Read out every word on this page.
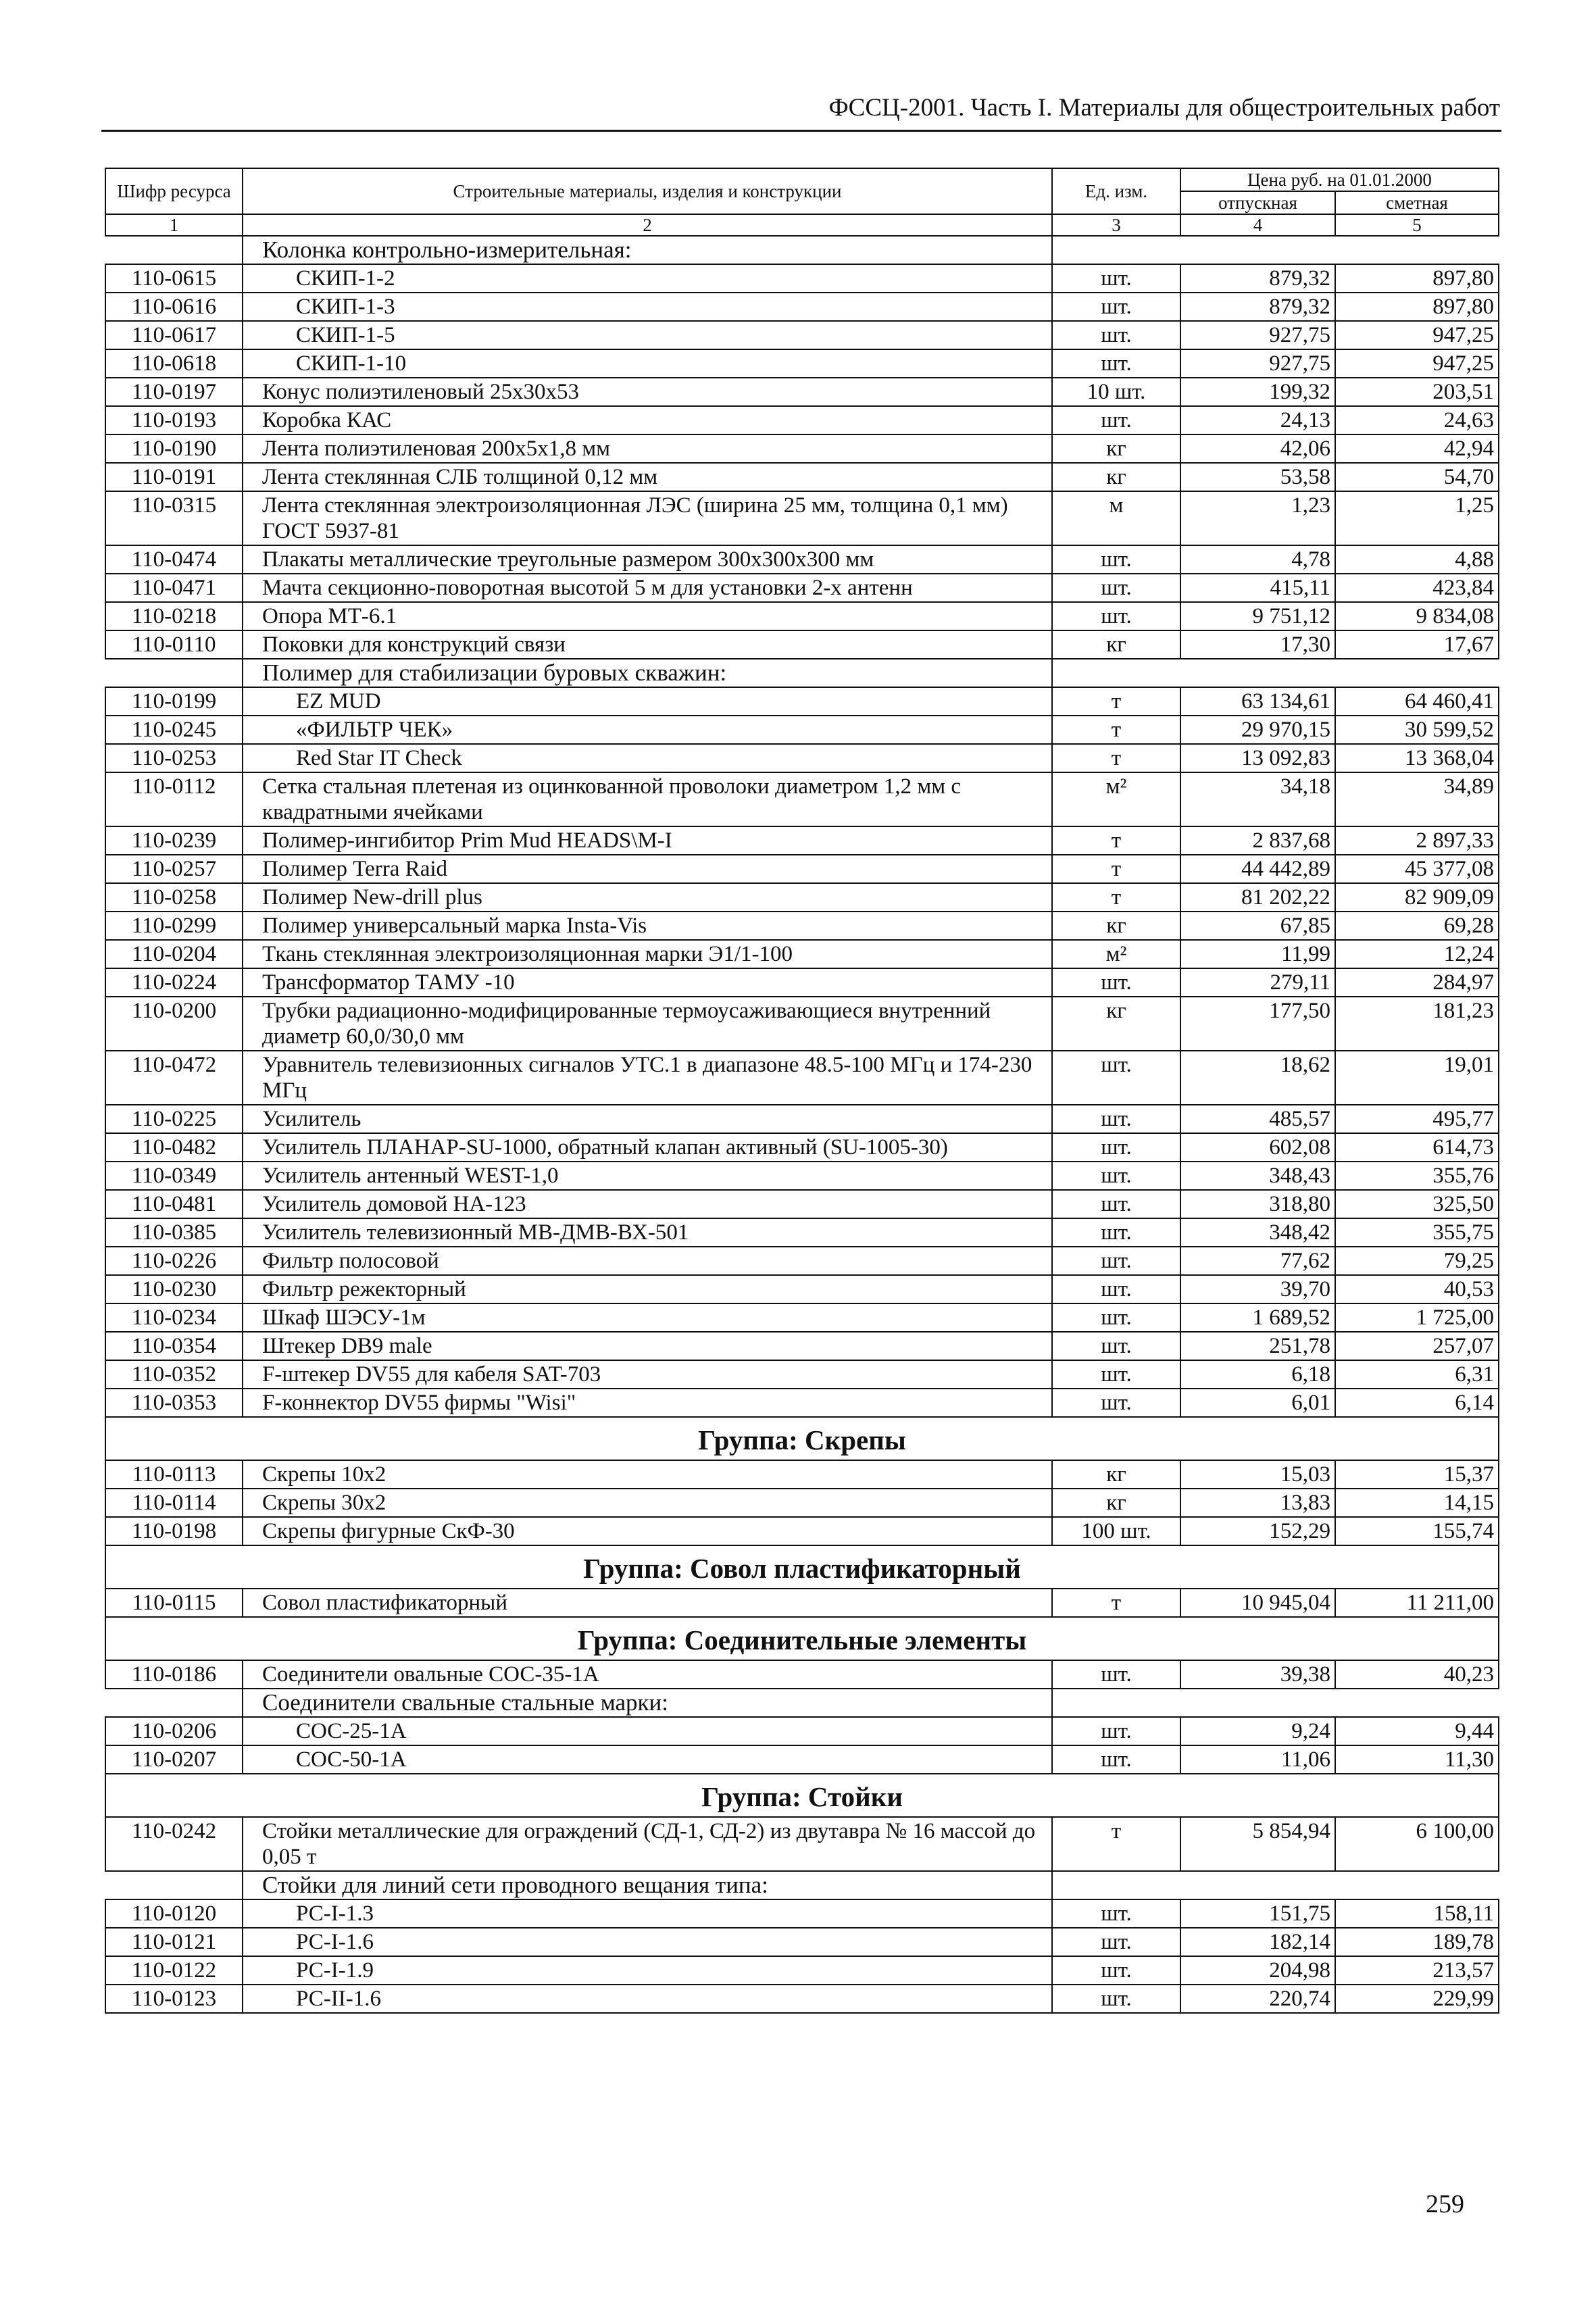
ФССЦ-2001. Часть I. Материалы для общестроительных работ
Шифр ресурса	Строительные материалы, изделия и конструкции	Ед. изм.	Цена руб. на 01.01.2000	
			отпускная	сметная
1	2	3	4	5
	Колонка контрольно-измерительная:			
110-0615	СКИП-1-2	шт.	879,32	897,80
110-0616	СКИП-1-3	шт.	879,32	897,80
110-0617	СКИП-1-5	шт.	927,75	947,25
110-0618	СКИП-1-10	шт.	927,75	947,25
110-0197	Конус полиэтиленовый 25x30x53	10 шт.	199,32	203,51
110-0193	Коробка КАС	шт.	24,13	24,63
110-0190	Лента полиэтиленовая 200x5x1,8 мм	кг	42,06	42,94
110-0191	Лента стеклянная СЛБ толщиной 0,12 мм	кг	53,58	54,70
110-0315	Лента стеклянная электроизоляционная ЛЭС (ширина 25 мм, толщина 0,1 мм) ГОСТ 5937-81	м	1,23	1,25
110-0474	Плакаты металлические треугольные размером 300x300x300 мм	шт.	4,78	4,88
110-0471	Мачта секционно-поворотная высотой 5 м для установки 2-х антенн	шт.	415,11	423,84
110-0218	Опора МТ-6.1	шт.	9 751,12	9 834,08
110-0110	Поковки для конструкций связи	кг	17,30	17,67
	Полимер для стабилизации буровых скважин:			
110-0199	EZ MUD	т	63 134,61	64 460,41
110-0245	«ФИЛЬТР ЧЕК»	т	29 970,15	30 599,52
110-0253	Red Star IT Check	т	13 092,83	13 368,04
110-0112	Сетка стальная плетеная из оцинкованной проволоки диаметром 1,2 мм с квадратными ячейками	м²	34,18	34,89
110-0239	Полимер-ингибитор Prim Mud HEADS\M-I	т	2 837,68	2 897,33
110-0257	Полимер Terra Raid	т	44 442,89	45 377,08
110-0258	Полимер New-drill plus	т	81 202,22	82 909,09
110-0299	Полимер универсальный марка Insta-Vis	кг	67,85	69,28
110-0204	Ткань стеклянная электроизоляционная марки Э1/1-100	м²	11,99	12,24
110-0224	Трансформатор ТАМУ -10	шт.	279,11	284,97
110-0200	Трубки радиационно-модифицированные термоусаживающиеся внутренний диаметр 60,0/30,0 мм	кг	177,50	181,23
110-0472	Уравнитель телевизионных сигналов УТС.1 в диапазоне 48.5-100 МГц и 174-230 МГц	шт.	18,62	19,01
110-0225	Усилитель	шт.	485,57	495,77
110-0482	Усилитель ПЛАНАР-SU-1000, обратный клапан активный (SU-1005-30)	шт.	602,08	614,73
110-0349	Усилитель антенный WEST-1,0	шт.	348,43	355,76
110-0481	Усилитель домовой НА-123	шт.	318,80	325,50
110-0385	Усилитель телевизионный МВ-ДМВ-ВХ-501	шт.	348,42	355,75
110-0226	Фильтр полосовой	шт.	77,62	79,25
110-0230	Фильтр режекторный	шт.	39,70	40,53
110-0234	Шкаф ШЭСУ-1м	шт.	1 689,52	1 725,00
110-0354	Штекер DB9 male	шт.	251,78	257,07
110-0352	F-штекер DV55 для кабеля SAT-703	шт.	6,18	6,31
110-0353	F-коннектор DV55 фирмы "Wisi"	шт.	6,01	6,14
Группа: Скрепы				
110-0113	Скрепы 10x2	кг	15,03	15,37
110-0114	Скрепы 30x2	кг	13,83	14,15
110-0198	Скрепы фигурные СкФ-30	100 шт.	152,29	155,74
Группа: Совол пластификаторный				
110-0115	Совол пластификаторный	т	10 945,04	11 211,00
Группа: Соединительные элементы				
110-0186	Соединители овальные СОС-35-1А	шт.	39,38	40,23
	Соединители свальные стальные марки:			
110-0206	СОС-25-1А	шт.	9,24	9,44
110-0207	СОС-50-1А	шт.	11,06	11,30
Группа: Стойки				
110-0242	Стойки металлические для ограждений (СД-1, СД-2) из двутавра № 16 массой до 0,05 т	т	5 854,94	6 100,00
	Стойки для линий сети проводного вещания типа:			
110-0120	РС-I-1.3	шт.	151,75	158,11
110-0121	РС-I-1.6	шт.	182,14	189,78
110-0122	РС-I-1.9	шт.	204,98	213,57
110-0123	РС-II-1.6	шт.	220,74	229,99
259
